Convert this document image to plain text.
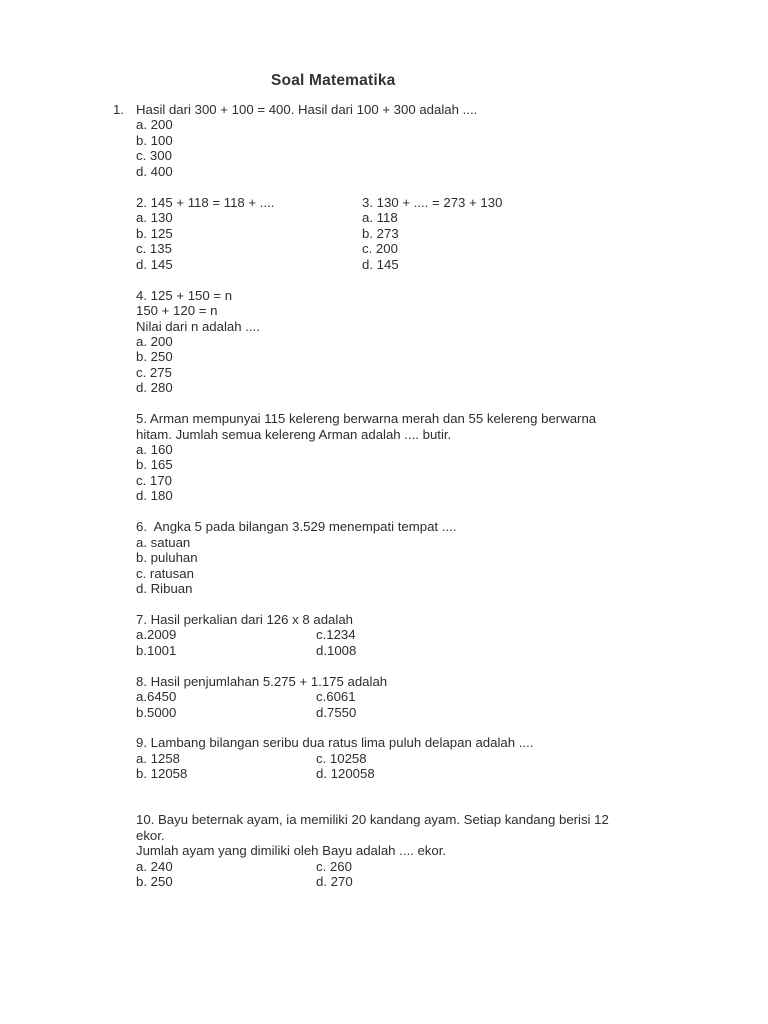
Soal Matematika
1. Hasil dari 300 + 100 = 400. Hasil dari 100 + 300 adalah ....
a. 200
b. 100
c. 300
d. 400
2. 145 + 118 = 118 + ....
a. 130
b. 125
c. 135
d. 145
3. 130 + .... = 273 + 130
a. 118
b. 273
c. 200
d. 145
4. 125 + 150 = n
150 + 120 = n
Nilai dari n adalah ....
a. 200
b. 250
c. 275
d. 280
5. Arman mempunyai 115 kelereng berwarna merah dan 55 kelereng berwarna
hitam. Jumlah semua kelereng Arman adalah .... butir.
a. 160
b. 165
c. 170
d. 180
6.  Angka 5 pada bilangan 3.529 menempati tempat ....
a. satuan
b. puluhan
c. ratusan
d. Ribuan
7. Hasil perkalian dari 126 x 8 adalah
a.2009	c.1234
b.1001	d.1008
8. Hasil penjumlahan 5.275 + 1.175 adalah
a.6450	c.6061
b.5000	d.7550
9. Lambang bilangan seribu dua ratus lima puluh delapan adalah ....
a. 1258	c. 10258
b. 12058	d. 120058
10. Bayu beternak ayam, ia memiliki 20 kandang ayam. Setiap kandang berisi 12
ekor.
Jumlah ayam yang dimiliki oleh Bayu adalah .... ekor.
a. 240	c. 260
b. 250	d. 270
